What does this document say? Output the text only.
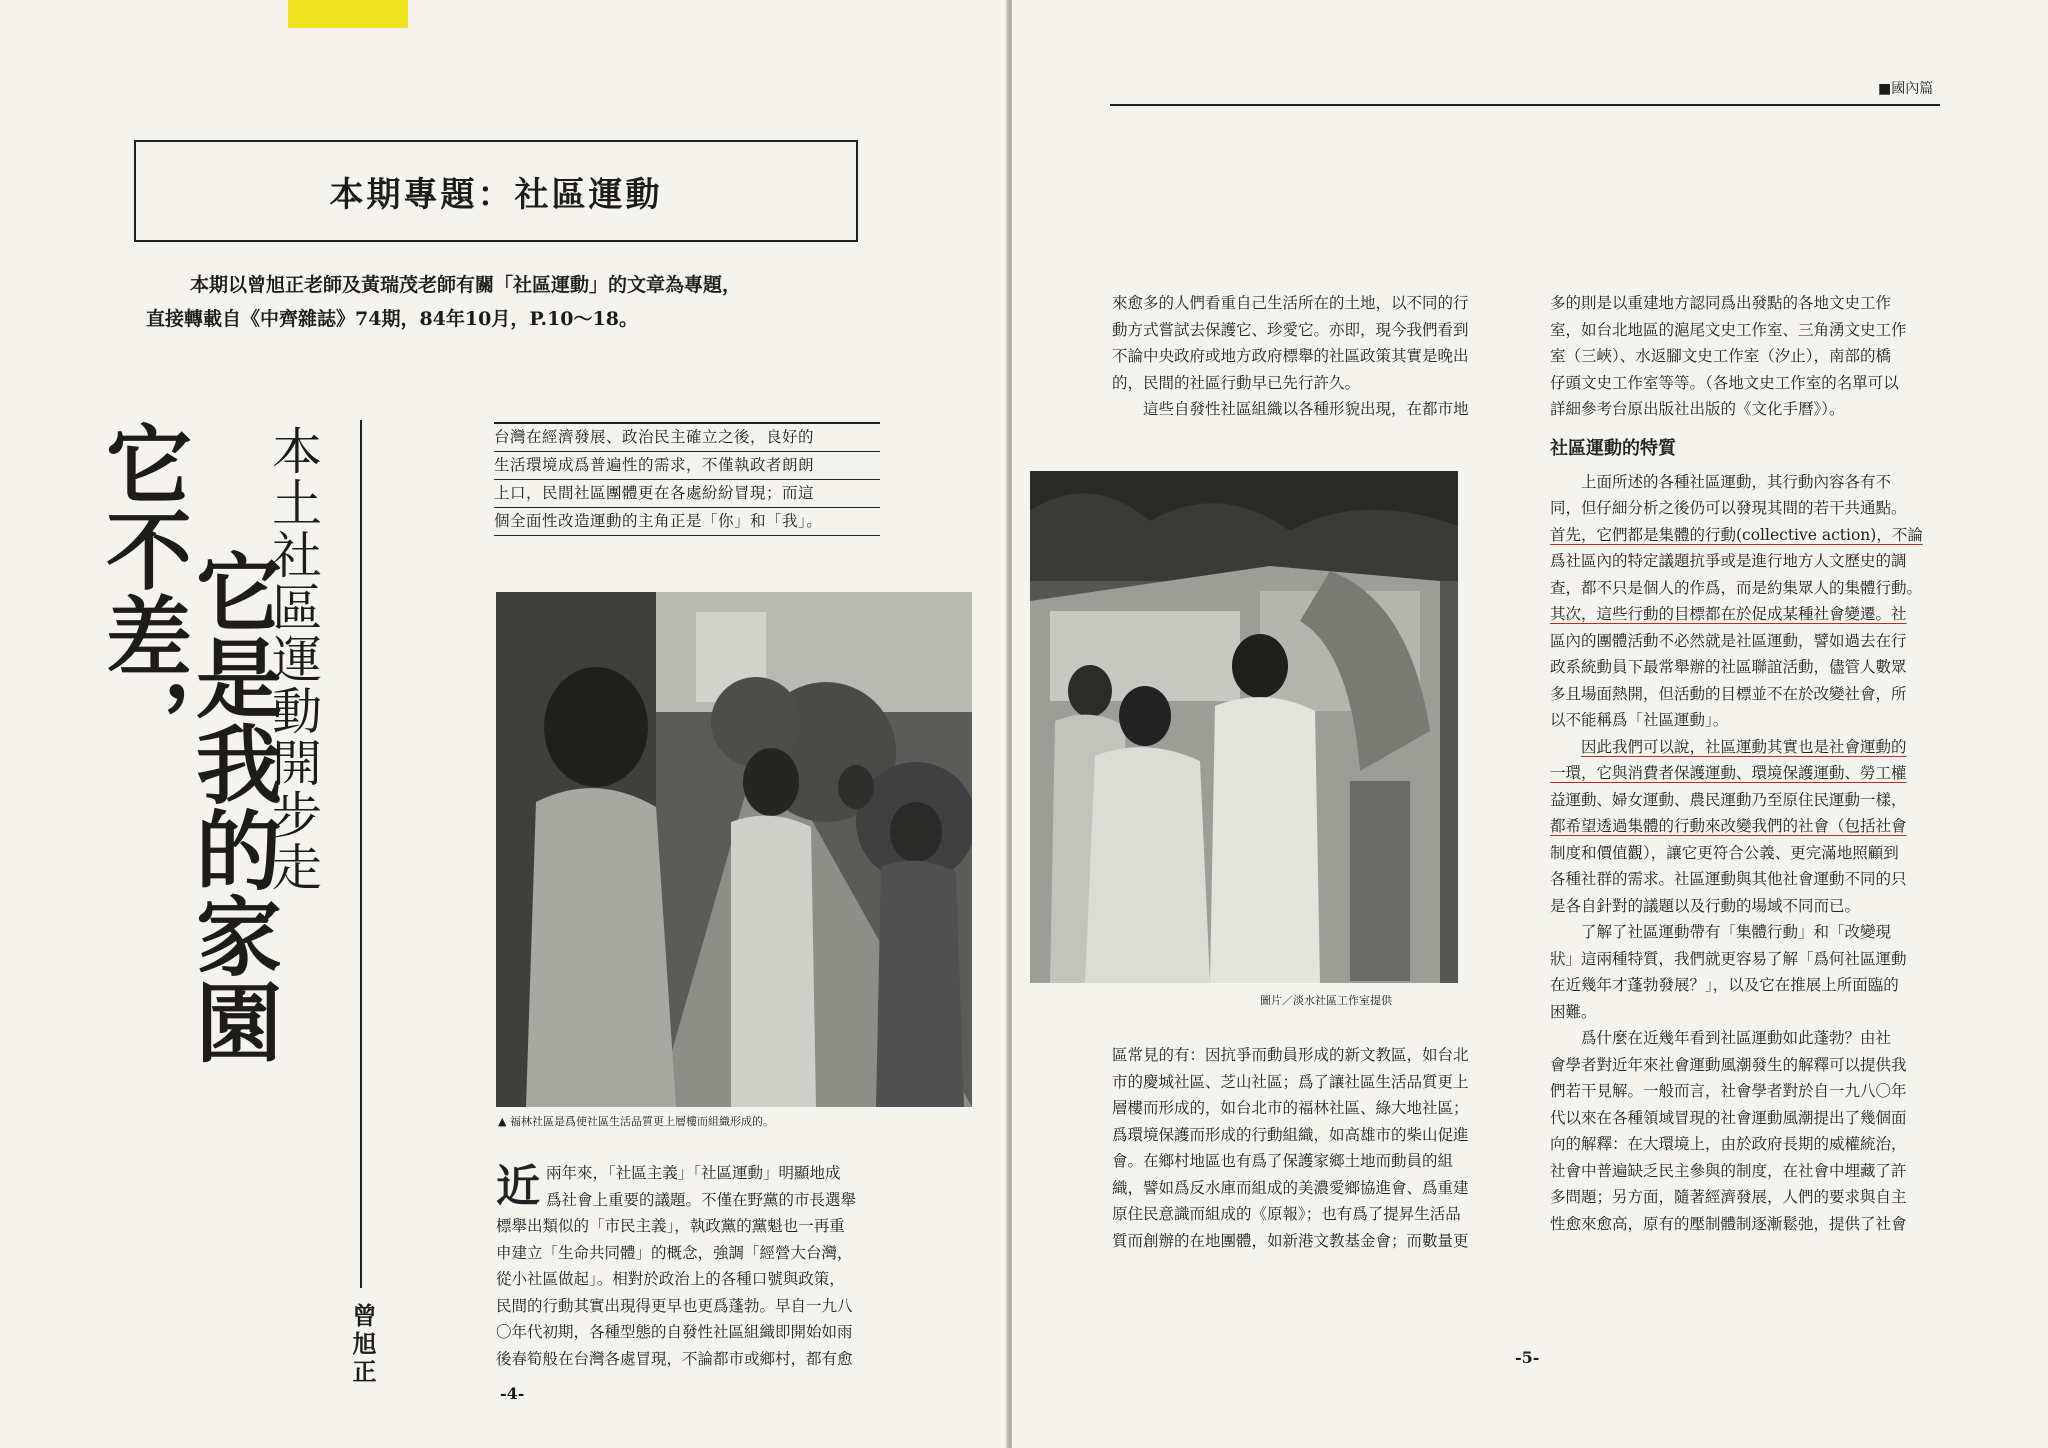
本期專題：社區運動

本期以曾旭正老師及黃瑞茂老師有關「社區運動」的文章為專題，

直接轉載自《中齊雜誌》74期，84年10月，P.10～18。

它不差，
它是我的家園
本土社區運動開步走
曾旭正
台灣在經濟發展、政治民主確立之後，良好的
生活環境成爲普遍性的需求，不僅執政者朗朗
上口，民間社區團體更在各處紛紛冒現；而這
個全面性改造運動的主角正是「你」和「我」。
▲ 福林社區是爲使社區生活品質更上層樓而組織形成的。
近 兩年來，「社區主義」「社區運動」明顯地成

爲社會上重要的議題。不僅在野黨的市長選舉

標舉出類似的「市民主義」，執政黨的黨魁也一再重

申建立「生命共同體」的概念，強調「經營大台灣，

從小社區做起」。相對於政治上的各種口號與政策，

民間的行動其實出現得更早也更爲蓬勃。早自一九八

〇年代初期，各種型態的自發性社區組織即開始如雨

後春筍般在台灣各處冒現，不論都市或鄉村，都有愈

-4-
■國內篇

來愈多的人們看重自己生活所在的土地，以不同的行

動方式嘗試去保護它、珍愛它。亦即，現今我們看到

不論中央政府或地方政府標舉的社區政策其實是晚出

的，民間的社區行動早已先行許久。

這些自發性社區組織以各種形貌出現，在都市地

圖片／淡水社區工作室提供

區常見的有：因抗爭而動員形成的新文教區，如台北

市的慶城社區、芝山社區；爲了讓社區生活品質更上

層樓而形成的，如台北市的福林社區、綠大地社區；

爲環境保護而形成的行動組織，如高雄市的柴山促進

會。在鄉村地區也有爲了保護家鄉土地而動員的組

織，譬如爲反水庫而組成的美濃愛鄉協進會、爲重建

原住民意識而組成的《原報》；也有爲了提昇生活品

質而創辦的在地團體，如新港文教基金會；而數量更

多的則是以重建地方認同爲出發點的各地文史工作

室，如台北地區的滬尾文史工作室、三角湧文史工作

室（三峽）、水返腳文史工作室（汐止），南部的橋

仔頭文史工作室等等。（各地文史工作室的名單可以

詳細參考台原出版社出版的《文化手曆》）。

社區運動的特質

上面所述的各種社區運動，其行動內容各有不

同，但仔細分析之後仍可以發現其間的若干共通點。

首先，它們都是集體的行動(collective action)，不論

爲社區內的特定議題抗爭或是進行地方人文歷史的調

查，都不只是個人的作爲，而是約集眾人的集體行動。

其次，這些行動的目標都在於促成某種社會變遷。社

區內的團體活動不必然就是社區運動，譬如過去在行

政系統動員下最常舉辦的社區聯誼活動，儘管人數眾

多且場面熱開，但活動的目標並不在於改變社會，所

以不能稱爲「社區運動」。

因此我們可以說，社區運動其實也是社會運動的

一環，它與消費者保護運動、環境保護運動、勞工權

益運動、婦女運動、農民運動乃至原住民運動一樣，

都希望透過集體的行動來改變我們的社會（包括社會

制度和價值觀），讓它更符合公義、更完滿地照顧到

各種社群的需求。社區運動與其他社會運動不同的只

是各自針對的議題以及行動的場域不同而已。

了解了社區運動帶有「集體行動」和「改變現

狀」這兩種特質，我們就更容易了解「爲何社區運動

在近幾年才蓬勃發展？」，以及它在推展上所面臨的

困難。

爲什麼在近幾年看到社區運動如此蓬勃？由社

會學者對近年來社會運動風潮發生的解釋可以提供我

們若干見解。一般而言，社會學者對於自一九八〇年

代以來在各種領域冒現的社會運動風潮提出了幾個面

向的解釋：在大環境上，由於政府長期的威權統治，

社會中普遍缺乏民主參與的制度，在社會中埋藏了許

多問題；另方面，隨著經濟發展，人們的要求與自主

性愈來愈高，原有的壓制體制逐漸鬆弛，提供了社會

-5-
